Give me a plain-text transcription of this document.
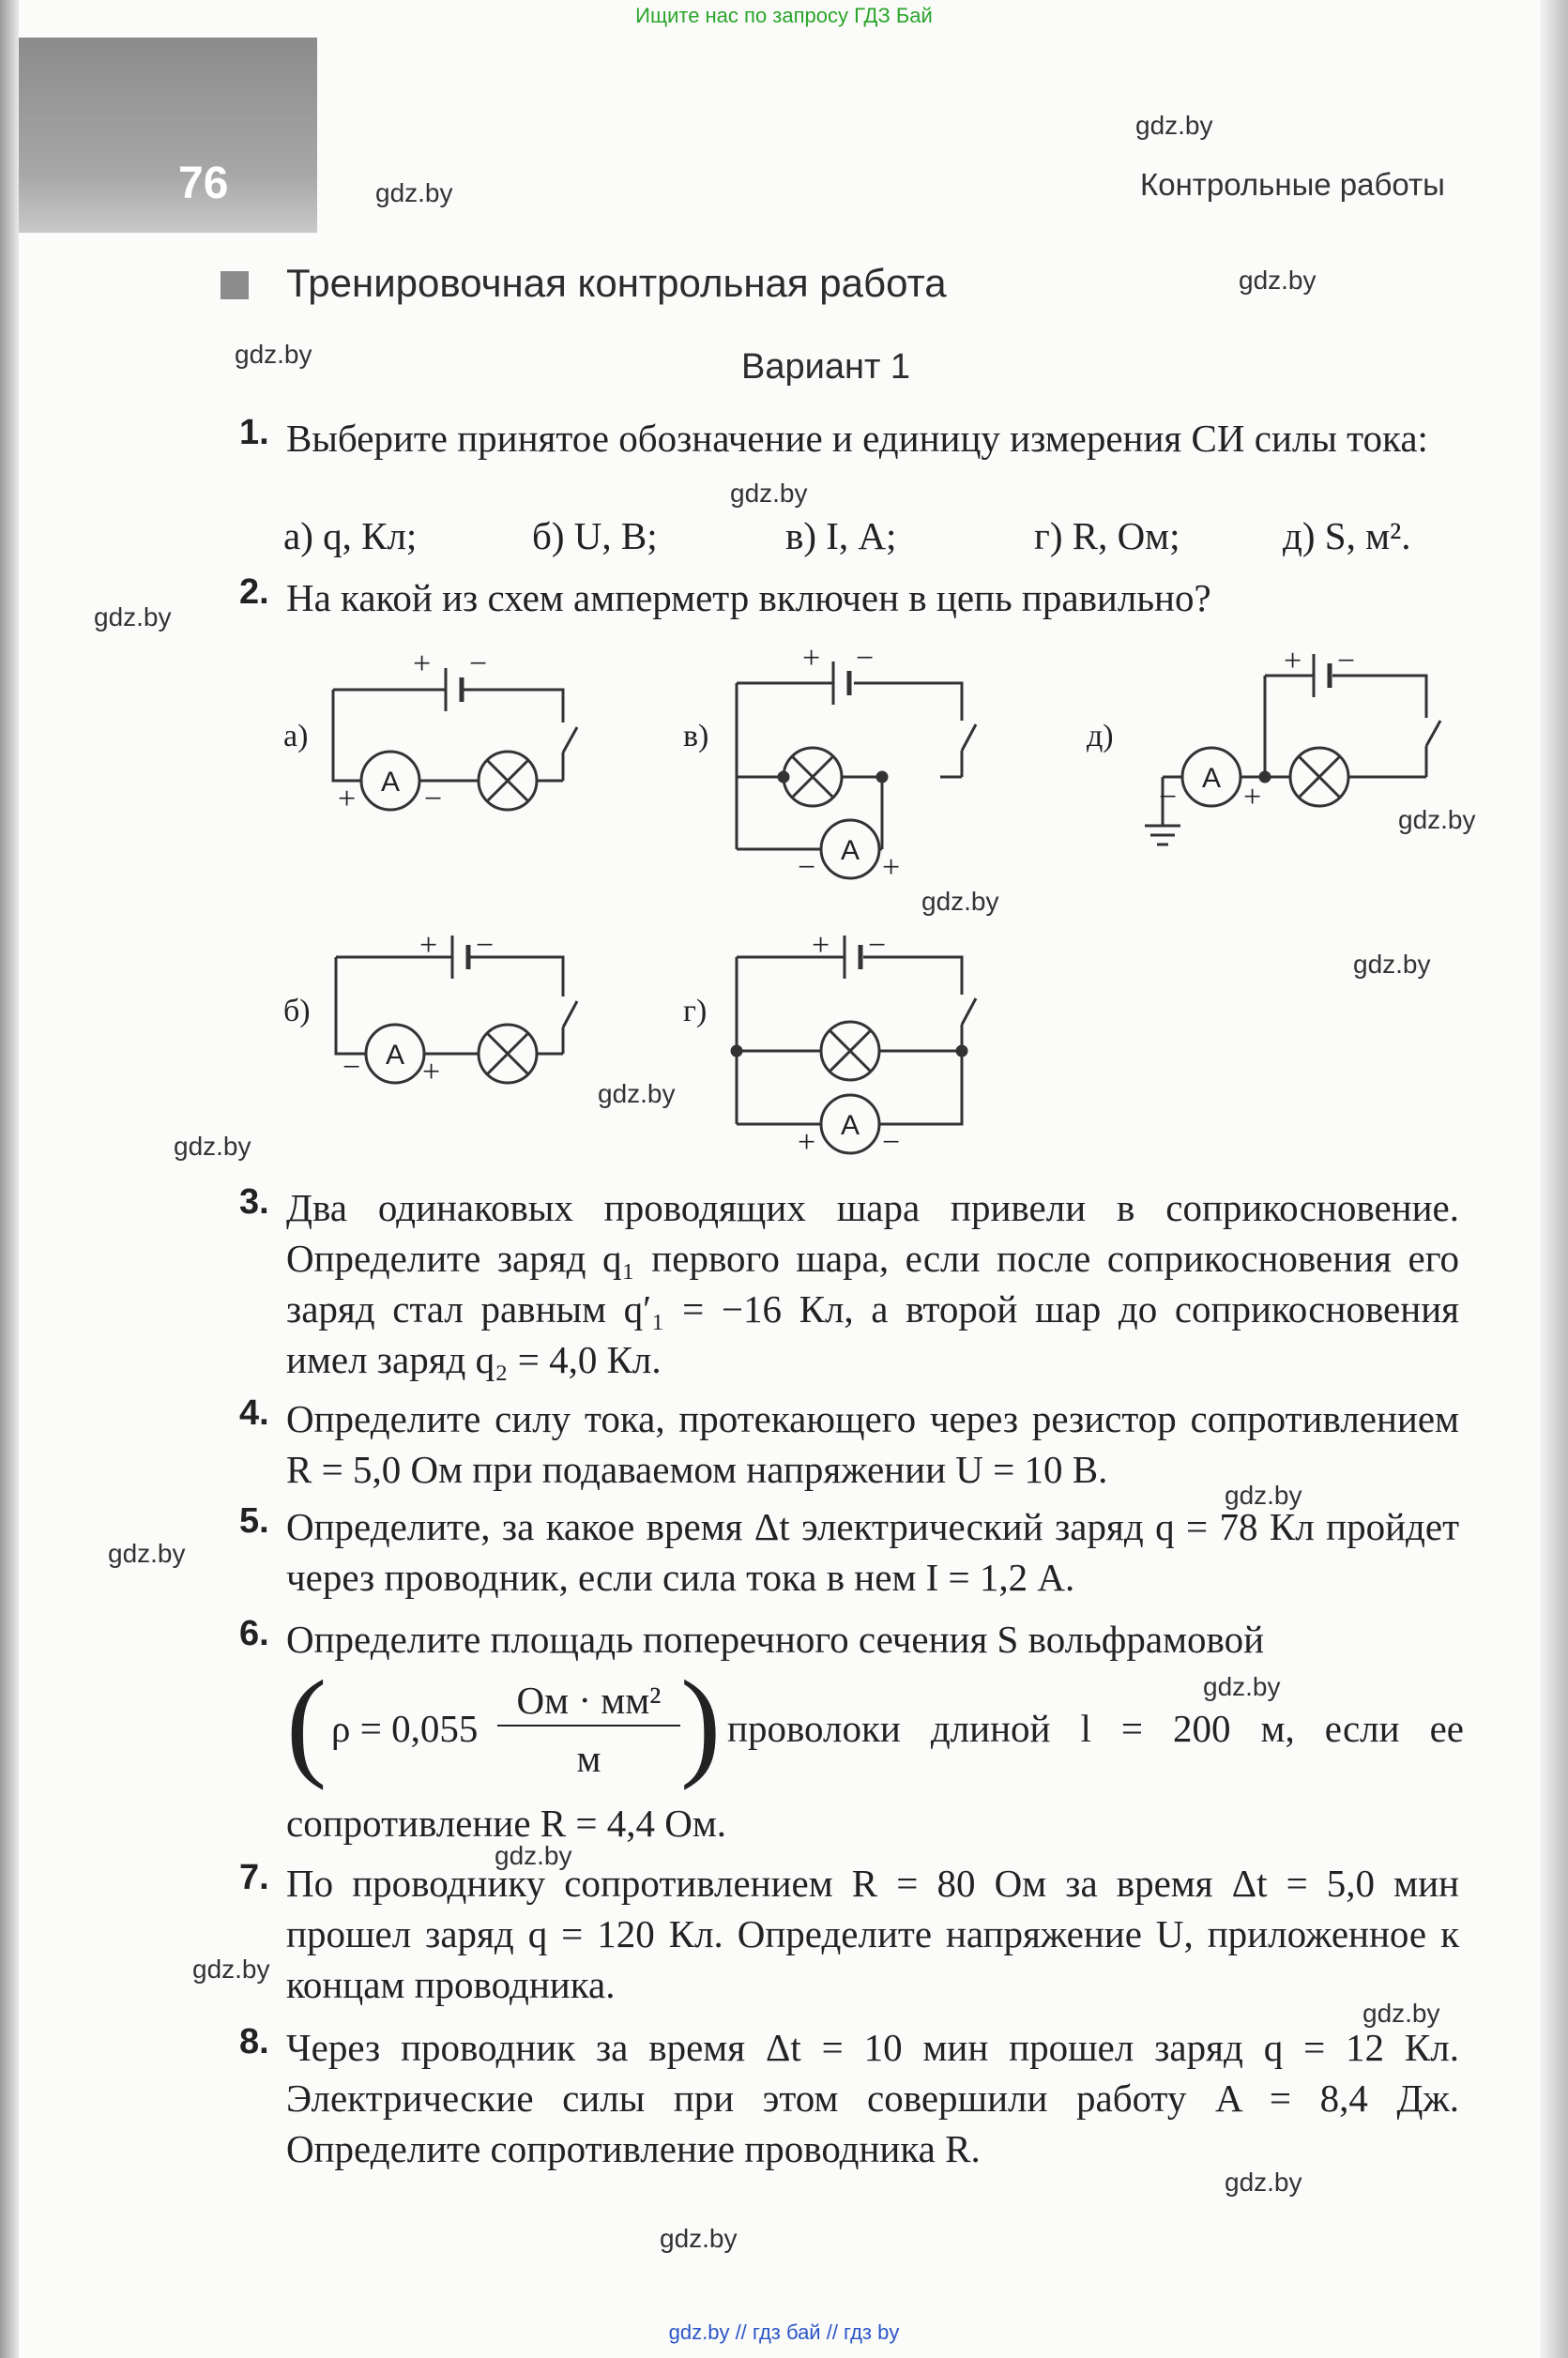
Ищите нас по запросу ГДЗ Бай
76	Контрольные работы
gdz.by
gdz.by
gdz.by
gdz.by
gdz.by
gdz.by
gdz.by
gdz.by
gdz.by
gdz.by
gdz.by
gdz.by
gdz.by
gdz.by
gdz.by
gdz.by
gdz.by
gdz.by
gdz.by
Тренировочная контрольная работа
Вариант 1
1. Выберите принятое обозначение и единицу измерения СИ силы тока:
а) q, Кл;	б) U, В;	в) I, А;	г) R, Ом;	д) S, м².
2. На какой из схем амперметр включен в цепь правильно?
а)	в)	д)
б)	г)
A
A
A
A
A
+ −	+ −	+ −
+ −	+ −
+ −
− +
− +
− +
+ −
3. Два одинаковых проводящих шара привели в соприкосновение. Определите заряд q₁ первого шара, если после соприкосновения его заряд стал равным q′₁ = −16 Кл, а второй шар до соприкосновения имел заряд q₂ = 4,0 Кл.
4. Определите силу тока, протекающего через резистор сопротивлением R = 5,0 Ом при подаваемом напряжении U = 10 В.
5. Определите, за какое время Δt электрический заряд q = 78 Кл пройдет через проводник, если сила тока в нем I = 1,2 А.
6. Определите площадь поперечного сечения S вольфрамовой
( ρ = 0,055
Ом · мм²
м ) проволоки длиной l = 200 м, если ее
сопротивление R = 4,4 Ом.
7. По проводнику сопротивлением R = 80 Ом за время Δt = 5,0 мин прошел заряд q = 120 Кл. Определите напряжение U, приложенное к концам проводника.
8. Через проводник за время Δt = 10 мин прошел заряд q = 12 Кл. Электрические силы при этом совершили работу A = 8,4 Дж. Определите сопротивление проводника R.
gdz.by // гдз бай // гдз by
